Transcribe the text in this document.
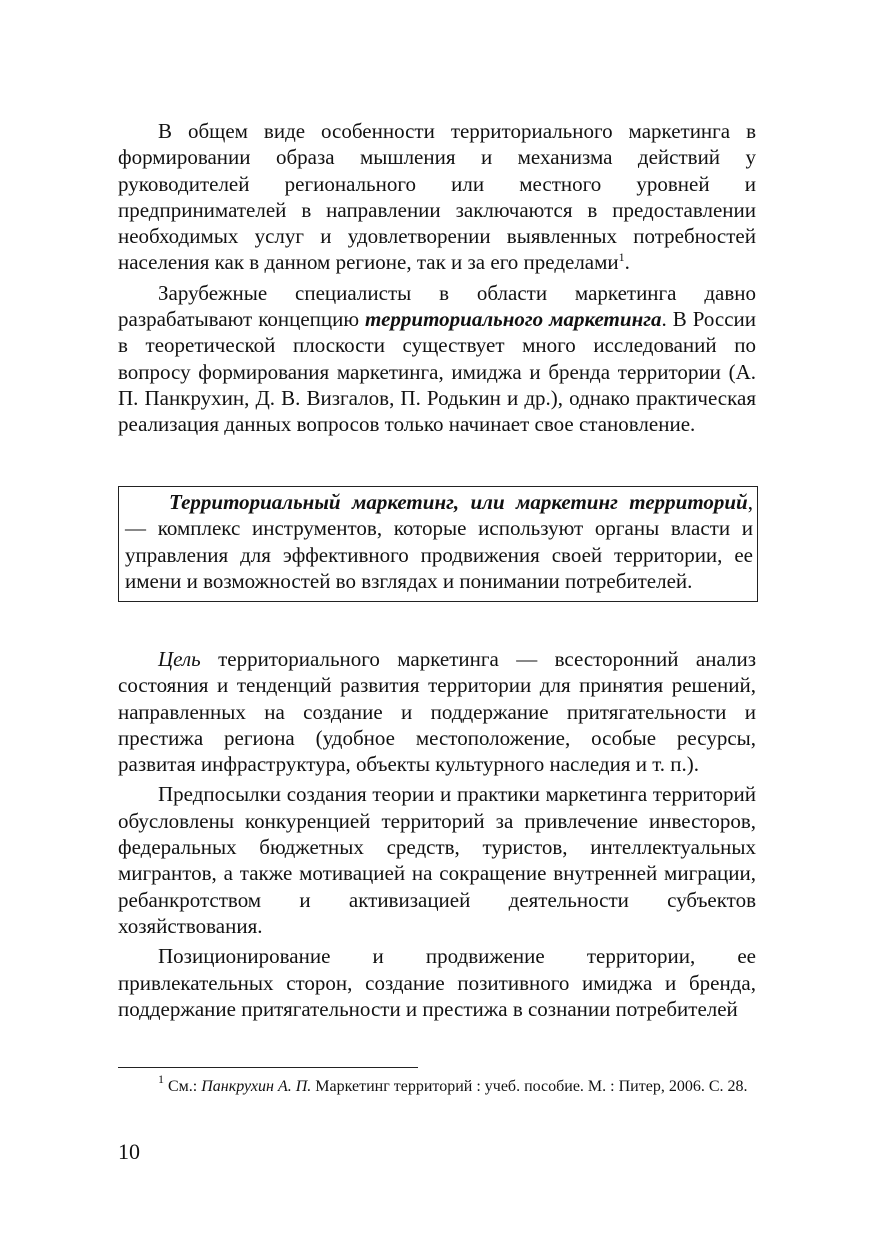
В общем виде особенности территориального маркетинга в формировании образа мышления и механизма действий у руководителей регионального или местного уровней и предпринимателей в направлении заключаются в предоставлении необходимых услуг и удовлетворении выявленных потребностей населения как в данном регионе, так и за его пределами$^1$.

Зарубежные специалисты в области маркетинга давно разрабатывают концепцию территориального маркетинга. В России в теоретической плоскости существует много исследований по вопросу формирования маркетинга, имиджа и бренда территории (А. П. Панкрухин, Д. В. Визгалов, П. Родькин и др.), однако практическая реализация данных вопросов только начинает свое становление.

Территориальный маркетинг, или маркетинг территорий, — комплекс инструментов, которые используют органы власти и управления для эффективного продвижения своей территории, ее имени и возможностей во взглядах и понимании потребителей.

Цель территориального маркетинга — всесторонний анализ состояния и тенденций развития территории для принятия решений, направленных на создание и поддержание притягательности и престижа региона (удобное местоположение, особые ресурсы, развитая инфраструктура, объекты культурного наследия и т. п.).

Предпосылки создания теории и практики маркетинга территорий обусловлены конкуренцией территорий за привлечение инвесторов, федеральных бюджетных средств, туристов, интеллектуальных мигрантов, а также мотивацией на сокращение внутренней миграции, ребанкротством и активизацией деятельности субъектов хозяйствования.

Позиционирование и продвижение территории, ее привлекательных сторон, создание позитивного имиджа и бренда, поддержание притягательности и престижа в сознании потребителей

$^1$ См.: Панкрухин А. П. Маркетинг территорий : учеб. пособие. М. : Питер, 2006. С. 28.

10
